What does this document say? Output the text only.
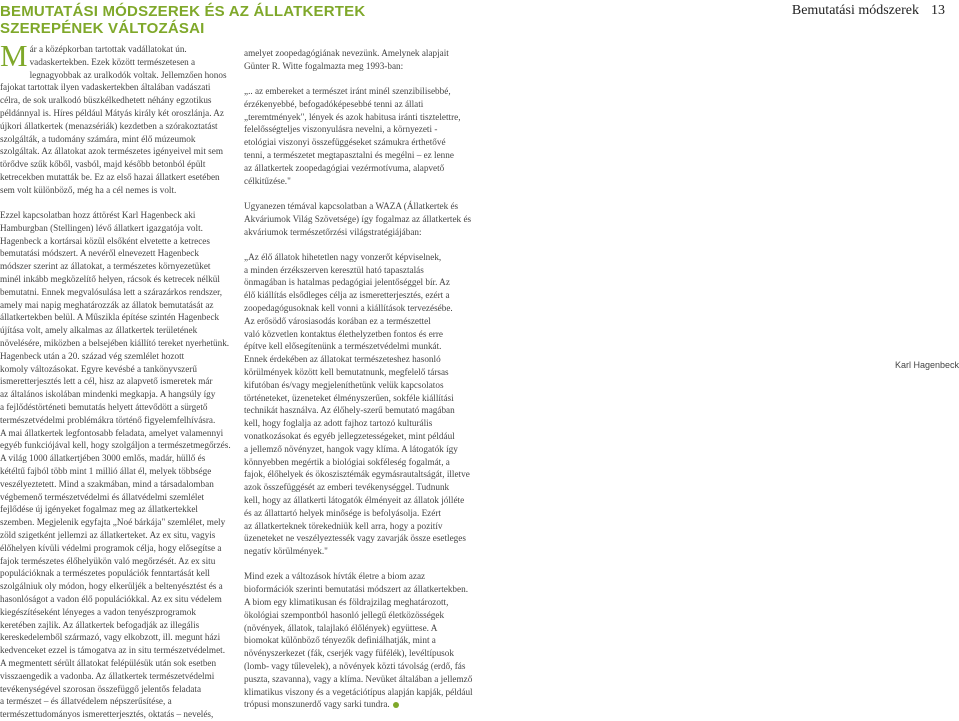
BEMUTATÁSI MÓDSZEREK ÉS AZ ÁLLATKERTEK
SZEREPÉNEK VÁLTOZÁSAI
Bemutatási módszerek 13
M ár a középkorban tartottak vadállatokat ún.
vadaskertekben. Ezek között természetesen a
legnagyobbak az uralkodók voltak. Jellemzően honos
fajokat tartottak ilyen vadaskertekben általában vadászati
célra, de sok uralkodó büszkélkedhetett néhány egzotikus
példánnyal is. Híres például Mátyás király két oroszlánja. Az
újkori állatkertek (menazsériák) kezdetben a szórakoztatást
szolgálták, a tudomány számára, mint élő múzeumok
szolgáltak. Az állatokat azok természetes igényeivel mit sem
törődve szűk kőből, vasból, majd később betonból épült
ketrecekben mutatták be. Ez az első hazai állatkert esetében
sem volt különböző, még ha a cél nemes is volt.
Ezzel kapcsolatban hozz áttörést Karl Hagenbeck aki
Hamburgban (Stellingen) lévő állatkert igazgatója volt.
Hagenbeck a kortársai közül elsőként elvetette a ketreces
bemutatási módszert. A nevéről elnevezett Hagenbeck
módszer szerint az állatokat, a természetes környezetüket
minél inkább megközelítő helyen, rácsok és ketrecek nélkül
bemutatni. Ennek megvalósulása lett a szárazárkos rendszer,
amely mai napig meghatározzák az állatok bemutatását az
állatkertekben belül. A Műszikla építése szintén Hagenbeck
újítása volt, amely alkalmas az állatkertek területének
növelésére, miközben a belsejében kiállító tereket nyerhetünk.
Hagenbeck után a 20. század vég szemlélet hozott
komoly változásokat. Egyre kevésbé a tankönyvszerű
ismeretterjesztés lett a cél, hisz az alapvető ismeretek már
az általános iskolában mindenki megkapja. A hangsúly így
a fejlődéstörténeti bemutatás helyett áttevődött a sürgető
természetvédelmi problémákra történő figyelemfelhívásra.
A mai állatkertek legfontosabb feladata, amelyet valamennyi
egyéb funkciójával kell, hogy szolgáljon a természetmegőrzés.
A világ 1000 állatkertjében 3000 emlős, madár, hüllő és
kétéltű fajból több mint 1 millió állat él, melyek többsége
veszélyeztetett. Mind a szakmában, mind a társadalomban
végbemenő természetvédelmi és állatvédelmi szemlélet
fejlődése új igényeket fogalmaz meg az állatkertekkel
szemben. Megjelenik egyfajta „Noé bárkája" szemlélet, mely
zöld szigetként jellemzi az állatkerteket. Az ex situ, vagyis
élőhelyen kívüli védelmi programok célja, hogy elősegítse a
fajok természetes élőhelyükön való megőrzését. Az ex situ
populációknak a természetes populációk fenntartását kell
szolgálniuk oly módon, hogy elkerüljék a beltenyésztést és a
hasonlóságot a vadon élő populációkkal. Az ex situ védelem
kiegészítéseként lényeges a vadon tenyészprogramok
keretében zajlik. Az állatkertek befogadják az illegális
kereskedelemből származó, vagy elkobzott, ill. megunt házi
kedvenceket ezzel is támogatva az in situ természetvédelmet.
A megmentett sérült állatokat felépülésük után sok esetben
visszaengedik a vadonba. Az állatkertek természetvédelmi
tevékenységével szorosan összefüggő jelentős feladata
a természet – és állatvédelem népszerűsítése, a
természettudományos ismeretterjesztés, oktatás – nevelés,
amelyet zoopedagógiának nevezünk. Amelynek alapjait
Günter R. Witte fogalmazta meg 1993-ban:
„.. az embereket a természet iránt minél szenzibilisebbé,
érzékenyebbé, befogadóképesebbé tenni az állati
„teremtmények", lények és azok habitusa iránti tisztelettre,
felelősségteljes viszonyulásra nevelni, a környezeti -
etológiai viszonyi összefüggéseket számukra érthetővé
tenni, a természetet megtapasztalni és megélni – ez lenne
az állatkertek zoopedagógiai vezérmotívuma, alapvető
célkitűzése."
Ugyanezen témával kapcsolatban a WAZA (Állatkertek és
Akváriumok Világ Szövetsége) így fogalmaz az állatkertek és
akváriumok természetőrzési világstratégiájában:
„Az élő állatok hihetetlen nagy vonzerőt képviselnek,
a minden érzékszerven keresztül ható tapasztalás
önmagában is hatalmas pedagógiai jelentőséggel bír. Az
élő kiállítás elsődleges célja az ismeretterjesztés, ezért a
zoopedagógusoknak kell vonni a kiállítások tervezésébe.
Az erősödő városiasodás korában ez a természettel
való közvetlen kontaktus élethelyzetben fontos és erre
építve kell elősegítenünk a természetvédelmi munkát.
Ennek érdekében az állatokat természeteshez hasonló
körülmények között kell bemutatnunk, megfelelő társas
kifutóban és/vagy megjeleníthetünk velük kapcsolatos
történeteket, üzeneteket élményszerűen, sokféle kiállítási
technikát használva. Az élőhely-szerű bemutató magában
kell, hogy foglalja az adott fajhoz tartozó kulturális
vonatkozásokat és egyéb jellegzetességeket, mint például
a jellemző növényzet, hangok vagy klíma. A látogatók így
könnyebben megértik a biológiai sokféleség fogalmát, a
fajok, élőhelyek és ökoszisztémák egymásrautaltságát, illetve
azok összefüggését az emberi tevékenységgel. Tudnunk
kell, hogy az állatkerti látogatók élményeit az állatok jólléte
és az állattartó helyek minősége is befolyásolja. Ezért
az állatkerteknek törekedniük kell arra, hogy a pozitív
üzeneteket ne veszélyeztessék vagy zavarják össze esetleges
negatív körülmények."
Mind ezek a változások hívták életre a biom azaz
bioformációk szerinti bemutatási módszert az állatkertekben.
A biom egy klimatikusan és földrajzilag meghatározott,
ökológiai szempontból hasonló jellegű életközösségek
(növények, állatok, talajlakó élőlények) együttese. A
biomokat különböző tényezők definiálhatják, mint a
növényszerkezet (fák, cserjék vagy füfélék), levéltípusok
(lomb- vagy tűlevelek), a növények közti távolság (erdő, fás
puszta, szavanna), vagy a klíma. Nevüket általában a jellemző
klimatikus viszony és a vegetációtípus alapján kapják, például
trópusi monszunerdő vagy sarki tundra.
Karl Hagenbeck
